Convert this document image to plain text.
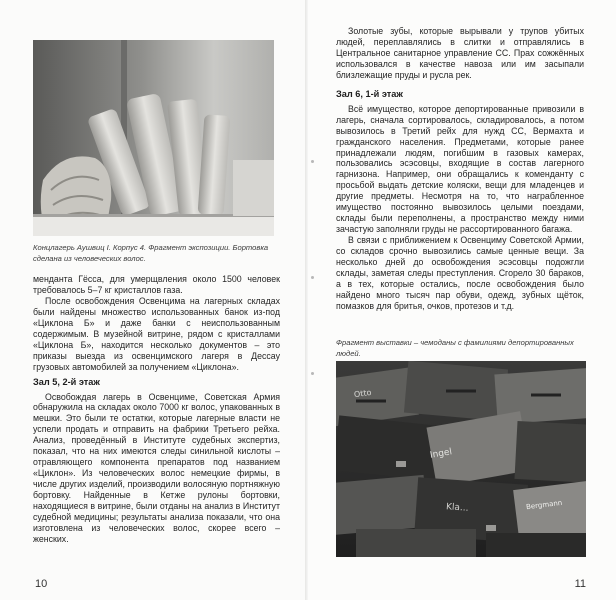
Концлагерь Аушвиц I. Корпус 4. Фрагмент экспозиции. Бортовка сделана из человеческих волос.

менданта Гёсса, для умерщвления около 1500 человек требовалось 5–7 кг кристаллов газа.

После освобождения Освенцима на лагерных складах были найдены множество использованных банок из-под «Циклона Б» и даже банки с неиспользованным содержимым. В музейной витрине, рядом с кристаллами «Циклона Б», находится несколько документов – это приказы выезда из освенцимского лагеря в Дессау грузовых автомобилей за получением «Циклона».

Зал 5, 2-й этаж

Освобождая лагерь в Освенциме, Советская Армия обнаружила на складах около 7000 кг волос, упакованных в мешки. Это были те остатки, которые лагерные власти не успели продать и отправить на фабрики Третьего рейха. Анализ, проведённый в Институте судебных экспертиз, показал, что на них имеются следы синильной кислоты – отравляющего компонента препаратов под названием «Циклон». Из человеческих волос немецкие фирмы, в числе других изделий, производили волосяную портняжную бортовку. Найденные в Кетже рулоны бортовки, находящиеся в витрине, были отданы на анализ в Институт судебной медицины; результаты анализа показали, что она изготовлена из человеческих волос, скорее всего – женских.

10

Золотые зубы, которые вырывали у трупов убитых людей, переплавлялись в слитки и отправлялись в Центральное санитарное управление СС. Прах сожжённых использовался в качестве навоза или им засыпали близлежащие пруды и русла рек.

Зал 6, 1-й этаж

Всё имущество, которое депортированные привозили в лагерь, сначала сортировалось, складировалось, а потом вывозилось в Третий рейх для нужд СС, Вермахта и гражданского населения. Предметами, которые ранее принадлежали людям, погибшим в газовых камерах, пользовались эсэсовцы, входящие в состав лагерного гарнизона. Например, они обращались к коменданту с просьбой выдать детские коляски, вещи для младенцев и другие предметы. Несмотря на то, что награбленное имущество постоянно вывозилось целыми поездами, склады были переполнены, а пространство между ними зачастую заполняли груды не рассортированного багажа.

В связи с приближением к Освенциму Советской Армии, со складов срочно вывозились самые ценные вещи. За несколько дней до освобождения эсэсовцы подожгли склады, заметая следы преступления. Сгорело 30 бараков, а в тех, которые остались, после освобождения было найдено много тысяч пар обуви, одежд, зубных щёток, помазков для бритья, очков, протезов и т.д.

Фрагмент выставки – чемоданы с фамилиями депортированных людей.
Ingel
Kla...
Otto
Bergmann
11
